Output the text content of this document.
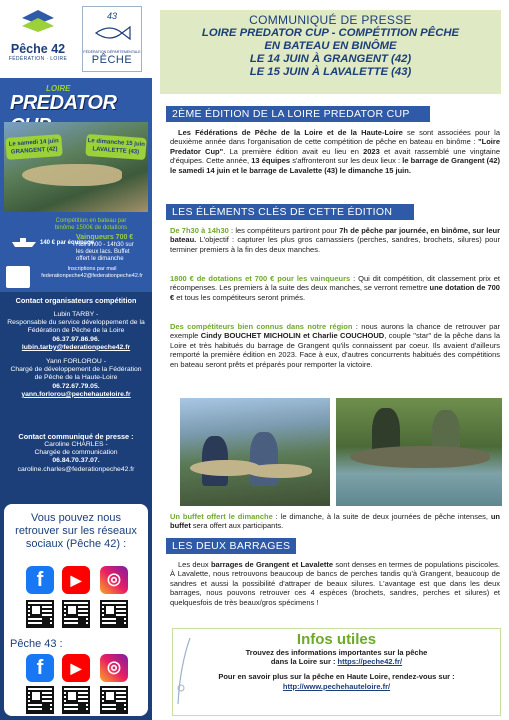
Pêche 42
FÉDÉRATION · LOIRE
43
FÉDÉRATION DÉPARTEMENTALE
PÊCHE
LOIRE
PREDATOR
Le samedi 14 juin GRANGENT (42)
Le dimanche 15 juin LAVALETTE (43)
Compétition en bateau par binôme 1500€ de dotations
140 € par équipage
Vainqueurs 700 €
Rdv 7h00 - 14h30 sur les deux lacs. Buffet offert le dimanche
Inscriptions par mail federationpeche42@federationpeche42.fr
Contact organisateurs compétition
Lubin TARBY -
Responsable du service développement de la Fédération de Pêche de la Loire
06.37.97.86.96.
lubin.tarby@federationpeche42.fr
Yann FORLOROU -
Chargé de développement de la Fédération de Pêche de la Haute-Loire
06.72.67.79.05.
yann.forlorou@pechehauteloire.fr
Contact communiqué de presse :
Caroline CHARLES -
Chargée de communication
06.84.70.37.07.
caroline.charles@federationpeche42.fr
Vous pouvez nous retrouver sur les réseaux sociaux (Pêche 42) :
f	▶	◎
Pêche 43 :
f	▶	◎
COMMUNIQUÉ DE PRESSE
LOIRE PREDATOR CUP - COMPÉTITION PÊCHE
EN BATEAU EN BINÔME
LE 14 JUIN À GRANGENT (42)
LE 15 JUIN À LAVALETTE (43)
2ÈME ÉDITION DE LA LOIRE PREDATOR CUP
Les Fédérations de Pêche de la Loire et de la Haute-Loire se sont associées pour la deuxième année dans l'organisation de cette compétition de pêche en bateau en binôme : "Loire Predator Cup". La première édition avait eu lieu en 2023 et avait rassemblé une vingtaine d'équipes. Cette année, 13 équipes s'affronteront sur les deux lieux : le barrage de Grangent (42) le samedi 14 juin et le barrage de Lavalette (43) le dimanche 15 juin.
LES ÉLÉMENTS CLÉS DE CETTE ÉDITION
De 7h30 à 14h30 : les compétiteurs partiront pour 7h de pêche par journée, en binôme, sur leur bateau. L'objectif : capturer les plus gros carnassiers (perches, sandres, brochets, silures) pour terminer premiers à la fin des deux manches.
1800 € de dotations et 700 € pour les vainqueurs : Qui dit compétition, dit classement prix et récompenses. Les premiers à la suite des deux manches, se verront remettre une dotation de 700 € et tous les compétiteurs seront primés.
Des compétiteurs bien connus dans notre région : nous aurons la chance de retrouver par exemple Cindy BOUCHET MICHOLIN et Charlie COUCHOUD, couple "star" de la pêche dans la Loire et très habitués du barrage de Grangent qu'ils connaissent par coeur. Ils avaient d'ailleurs remporté la première édition en 2023. Face à eux, d'autres concurrents habitués des compétitions en bateau seront prêts et préparés pour remporter la victoire.
Un buffet offert le dimanche : le dimanche, à la suite de deux journées de pêche intenses, un buffet sera offert aux participants.
LES DEUX BARRAGES
Les deux barrages de Grangent et Lavalette sont denses en termes de populations piscicoles. À Lavalette, nous retrouvons beaucoup de bancs de perches tandis qu'à Grangent, beaucoup de sandres et aussi la possibilité d'attraper de beaux silures. L'avantage est que dans les deux barrages, nous pouvons retrouver ces 4 espèces (brochets, sandres, perches et silures) et quelquesfois de très beaux/gros spécimens !
Infos utiles
Trouvez des informations importantes sur la pêche
dans la Loire sur : https://peche42.fr/
Pour en savoir plus sur la pêche en Haute Loire, rendez-vous sur :
http://www.pechehauteloire.fr/
